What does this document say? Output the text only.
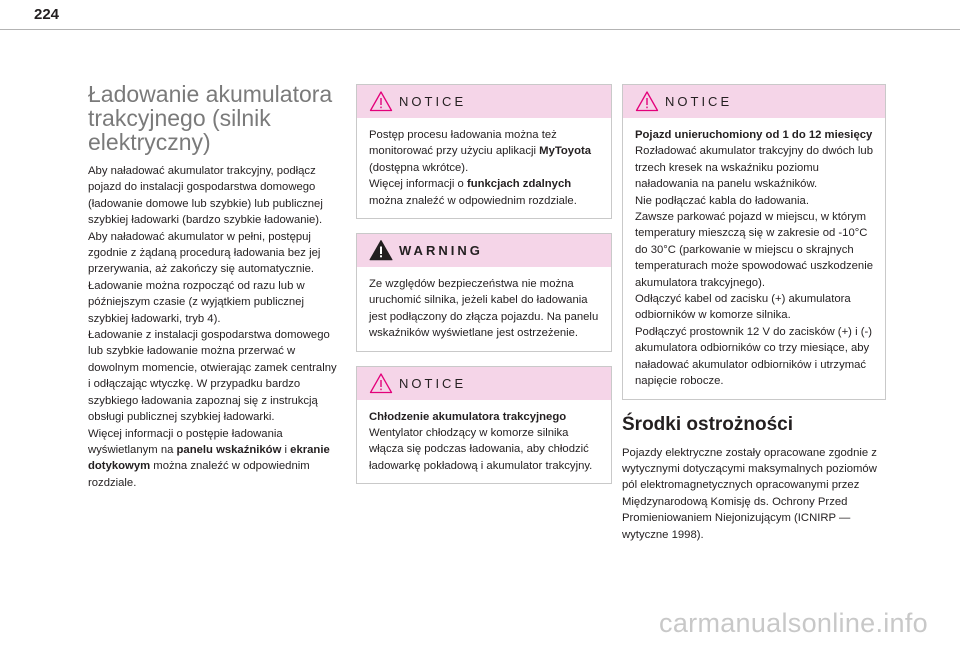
224
Ładowanie akumulatora trakcyjnego (silnik elektryczny)

Aby naładować akumulator trakcyjny, podłącz pojazd do instalacji gospodarstwa domowego (ładowanie domowe lub szybkie) lub publicznej szybkiej ładowarki (bardzo szybkie ładowanie).
Aby naładować akumulator w pełni, postępuj zgodnie z żądaną procedurą ładowania bez jej przerywania, aż zakończy się automatycznie.
Ładowanie można rozpocząć od razu lub w późniejszym czasie (z wyjątkiem publicznej szybkiej ładowarki, tryb 4).
Ładowanie z instalacji gospodarstwa domowego lub szybkie ładowanie można przerwać w dowolnym momencie, otwierając zamek centralny i odłączając wtyczkę. W przypadku bardzo szybkiego ładowania zapoznaj się z instrukcją obsługi publicznej szybkiej ładowarki.

Więcej informacji o postępie ładowania wyświetlanym na panelu wskaźników i ekranie dotykowym można znaleźć w odpowiednim rozdziale.

NOTICE

Postęp procesu ładowania można też monitorować przy użyciu aplikacji MyToyota (dostępna wkrótce).
Więcej informacji o funkcjach zdalnych można znaleźć w odpowiednim rozdziale.

WARNING

Ze względów bezpieczeństwa nie można uruchomić silnika, jeżeli kabel do ładowania jest podłączony do złącza pojazdu. Na panelu wskaźników wyświetlane jest ostrzeżenie.

NOTICE

Chłodzenie akumulatora trakcyjnego

Wentylator chłodzący w komorze silnika włącza się podczas ładowania, aby chłodzić ładowarkę pokładową i akumulator trakcyjny.

NOTICE

Pojazd unieruchomiony od 1 do 12 miesięcy

Rozładować akumulator trakcyjny do dwóch lub trzech kresek na wskaźniku poziomu naładowania na panelu wskaźników.
Nie podłączać kabla do ładowania.
Zawsze parkować pojazd w miejscu, w którym temperatury mieszczą się w zakresie od -10°C do 30°C (parkowanie w miejscu o skrajnych temperaturach może spowodować uszkodzenie akumulatora trakcyjnego).
Odłączyć kabel od zacisku (+) akumulatora odbiorników w komorze silnika.
Podłączyć prostownik 12 V do zacisków (+) i (-) akumulatora odbiorników co trzy miesiące, aby naładować akumulator odbiorników i utrzymać napięcie robocze.

Środki ostrożności

Pojazdy elektryczne zostały opracowane zgodnie z wytycznymi dotyczącymi maksymalnych poziomów pól elektromagnetycznych opracowanymi przez Międzynarodową Komisję ds. Ochrony Przed Promieniowaniem Niejonizującym (ICNIRP — wytyczne 1998).

carmanualsonline.info
